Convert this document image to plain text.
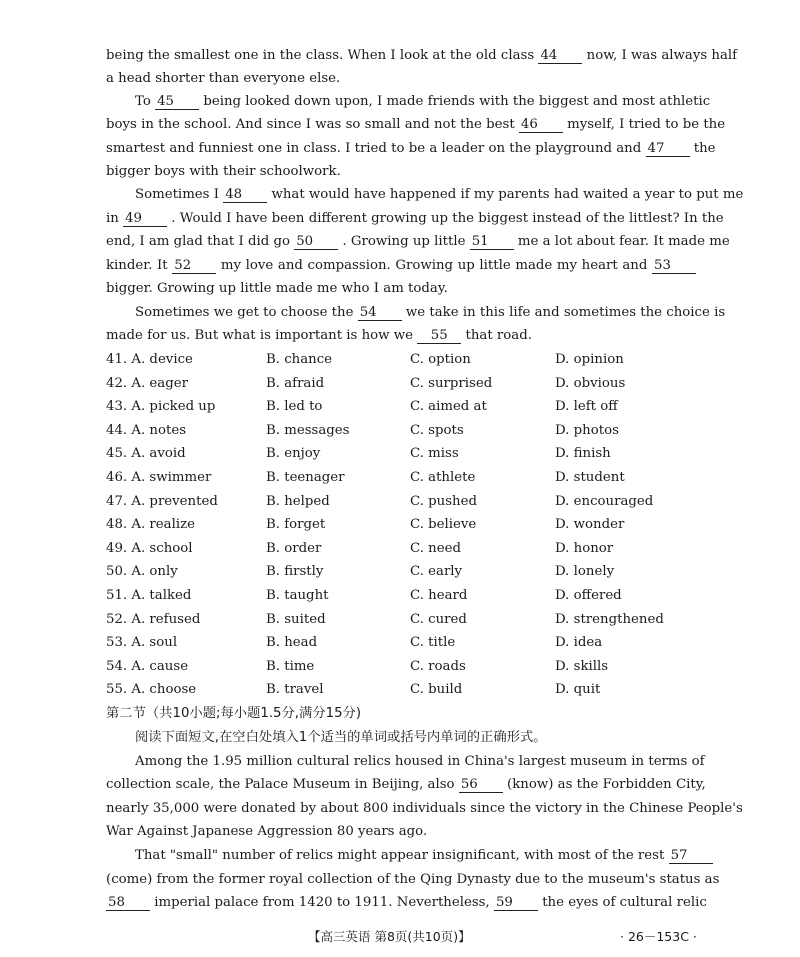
being the smallest one in the class. When I look at the old class 44 now, I was always half
a head shorter than everyone else.
To 45 being looked down upon, I made friends with the biggest and most athletic
boys in the school. And since I was so small and not the best 46 myself, I tried to be the
smartest and funniest one in class. I tried to be a leader on the playground and 47 the
bigger boys with their schoolwork.
Sometimes I 48 what would have happened if my parents had waited a year to put me
in 49 . Would I have been different growing up the biggest instead of the littlest? In the
end, I am glad that I did go 50 . Growing up little 51 me a lot about fear. It made me
kinder. It 52 my love and compassion. Growing up little made my heart and 53
bigger. Growing up little made me who I am today.
Sometimes we get to choose the 54 we take in this life and sometimes the choice is
made for us. But what is important is how we 55 that road.
41. A. device	B. chance	C. option	D. opinion
42. A. eager	B. afraid	C. surprised	D. obvious
43. A. picked up	B. led to	C. aimed at	D. left off
44. A. notes	B. messages	C. spots	D. photos
45. A. avoid	B. enjoy	C. miss	D. finish
46. A. swimmer	B. teenager	C. athlete	D. student
47. A. prevented	B. helped	C. pushed	D. encouraged
48. A. realize	B. forget	C. believe	D. wonder
49. A. school	B. order	C. need	D. honor
50. A. only	B. firstly	C. early	D. lonely
51. A. talked	B. taught	C. heard	D. offered
52. A. refused	B. suited	C. cured	D. strengthened
53. A. soul	B. head	C. title	D. idea
54. A. cause	B. time	C. roads	D. skills
55. A. choose	B. travel	C. build	D. quit
第二节（共10小题;每小题1.5分,满分15分)
阅读下面短文,在空白处填入1个适当的单词或括号内单词的正确形式。
Among the 1.95 million cultural relics housed in China's largest museum in terms of
collection scale, the Palace Museum in Beijing, also 56 (know) as the Forbidden City,
nearly 35,000 were donated by about 800 individuals since the victory in the Chinese People's
War Against Japanese Aggression 80 years ago.
That "small" number of relics might appear insignificant, with most of the rest 57
(come) from the former royal collection of the Qing Dynasty due to the museum's status as
58 imperial palace from 1420 to 1911. Nevertheless, 59 the eyes of cultural relic
【高三英语 第8页(共10页)】	· 26－153C ·
